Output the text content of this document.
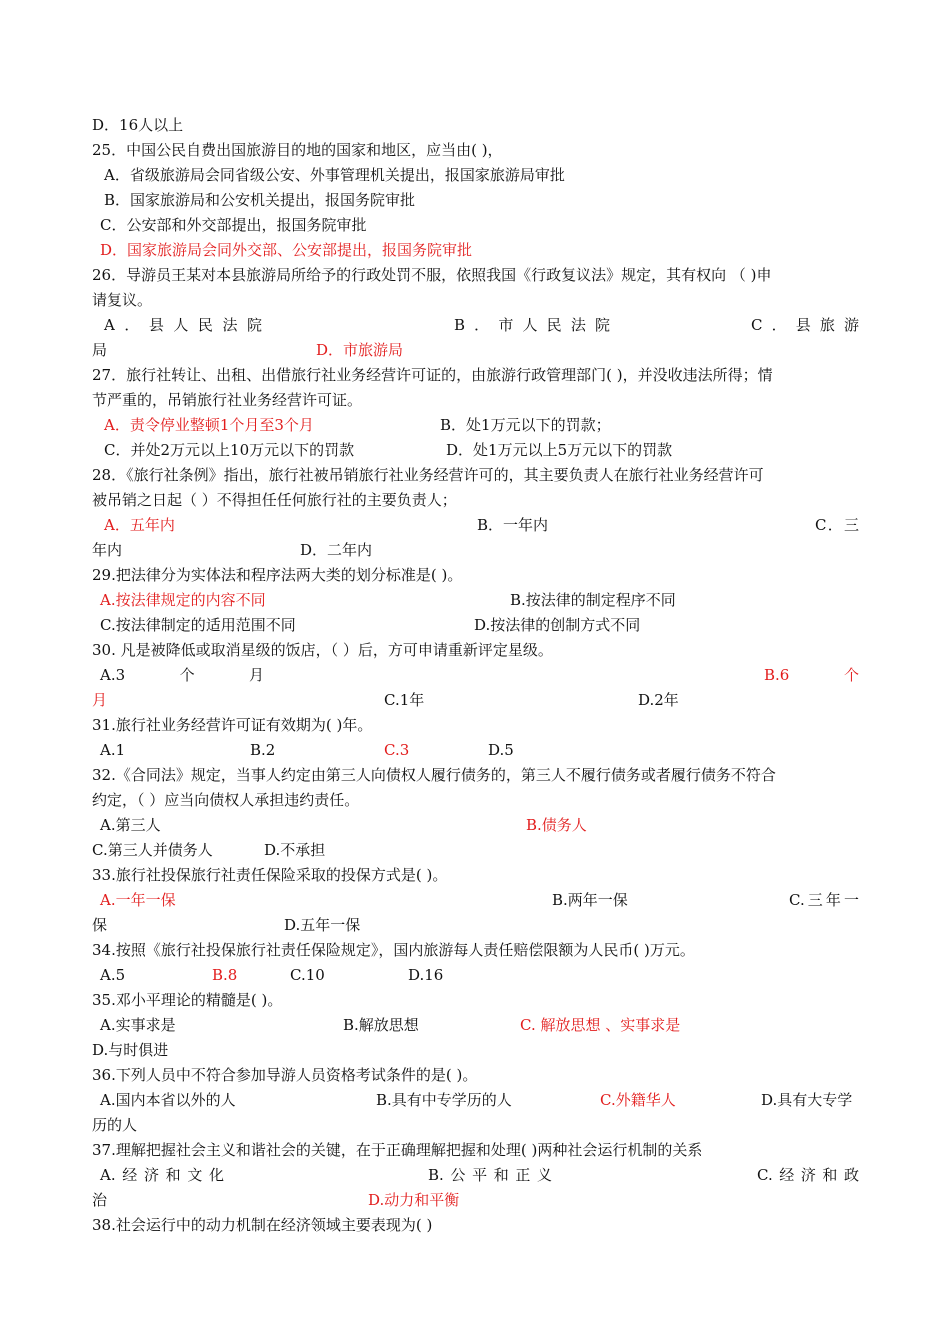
D．16人以上
25．中国公民自费出国旅游目的地的国家和地区，应当由( )，
A．省级旅游局会同省级公安、外事管理机关提出，报国家旅游局审批
B．国家旅游局和公安机关提出，报国务院审批
C．公安部和外交部提出，报国务院审批
D．国家旅游局会同外交部、公安部提出，报国务院审批
26．导游员王某对本县旅游局所给予的行政处罚不服，依照我国《行政复议法》规定，其有权向 （ )申
请复议。
A．县人民法院	B．市人民法院	C．县旅游
局	D．市旅游局
27．旅行社转让、出租、出借旅行社业务经营许可证的，由旅游行政管理部门( )，并没收违法所得；情
节严重的，吊销旅行社业务经营许可证。
A．责令停业整顿1个月至3个月	B．处1万元以下的罚款；
C．并处2万元以上10万元以下的罚款	D．处1万元以上5万元以下的罚款
28．《旅行社条例》指出，旅行社被吊销旅行社业务经营许可的，其主要负责人在旅行社业务经营许可
被吊销之日起（ ）不得担任任何旅行社的主要负责人；
A．五年内	B．一年内	C．三
年内	D．二年内
29.把法律分为实体法和程序法两大类的划分标准是( )。
A.按法律规定的内容不同	B.按法律的制定程序不同
C.按法律制定的适用范围不同	D.按法律的创制方式不同
30. 凡是被降低或取消星级的饭店，（ ）后，方可申请重新评定星级。
A.3个月	B.6个
月	C.1年	D.2年
31.旅行社业务经营许可证有效期为( )年。
A.1	B.2	C.3	D.5
32.《合同法》规定，当事人约定由第三人向债权人履行债务的，第三人不履行债务或者履行债务不符合
约定，（ ）应当向债权人承担违约责任。
A.第三人	B.债务人
C.第三人并债务人	D.不承担
33.旅行社投保旅行社责任保险采取的投保方式是( )。
A.一年一保	B.两年一保	C.三年一
保	D.五年一保
34.按照《旅行社投保旅行社责任保险规定》，国内旅游每人责任赔偿限额为人民币( )万元。
A.5	B.8	C.10	D.16
35.邓小平理论的精髓是( )。
A.实事求是	B.解放思想	C. 解放思想 、实事求是
D.与时俱进
36.下列人员中不符合参加导游人员资格考试条件的是( )。
A.国内本省以外的人	B.具有中专学历的人	C.外籍华人	D.具有大专学
历的人
37.理解把握社会主义和谐社会的关键，在于正确理解把握和处理( )两种社会运行机制的关系
A.经济和文化	B.公平和正义	C.经济和政
治	D.动力和平衡
38.社会运行中的动力机制在经济领域主要表现为( )
